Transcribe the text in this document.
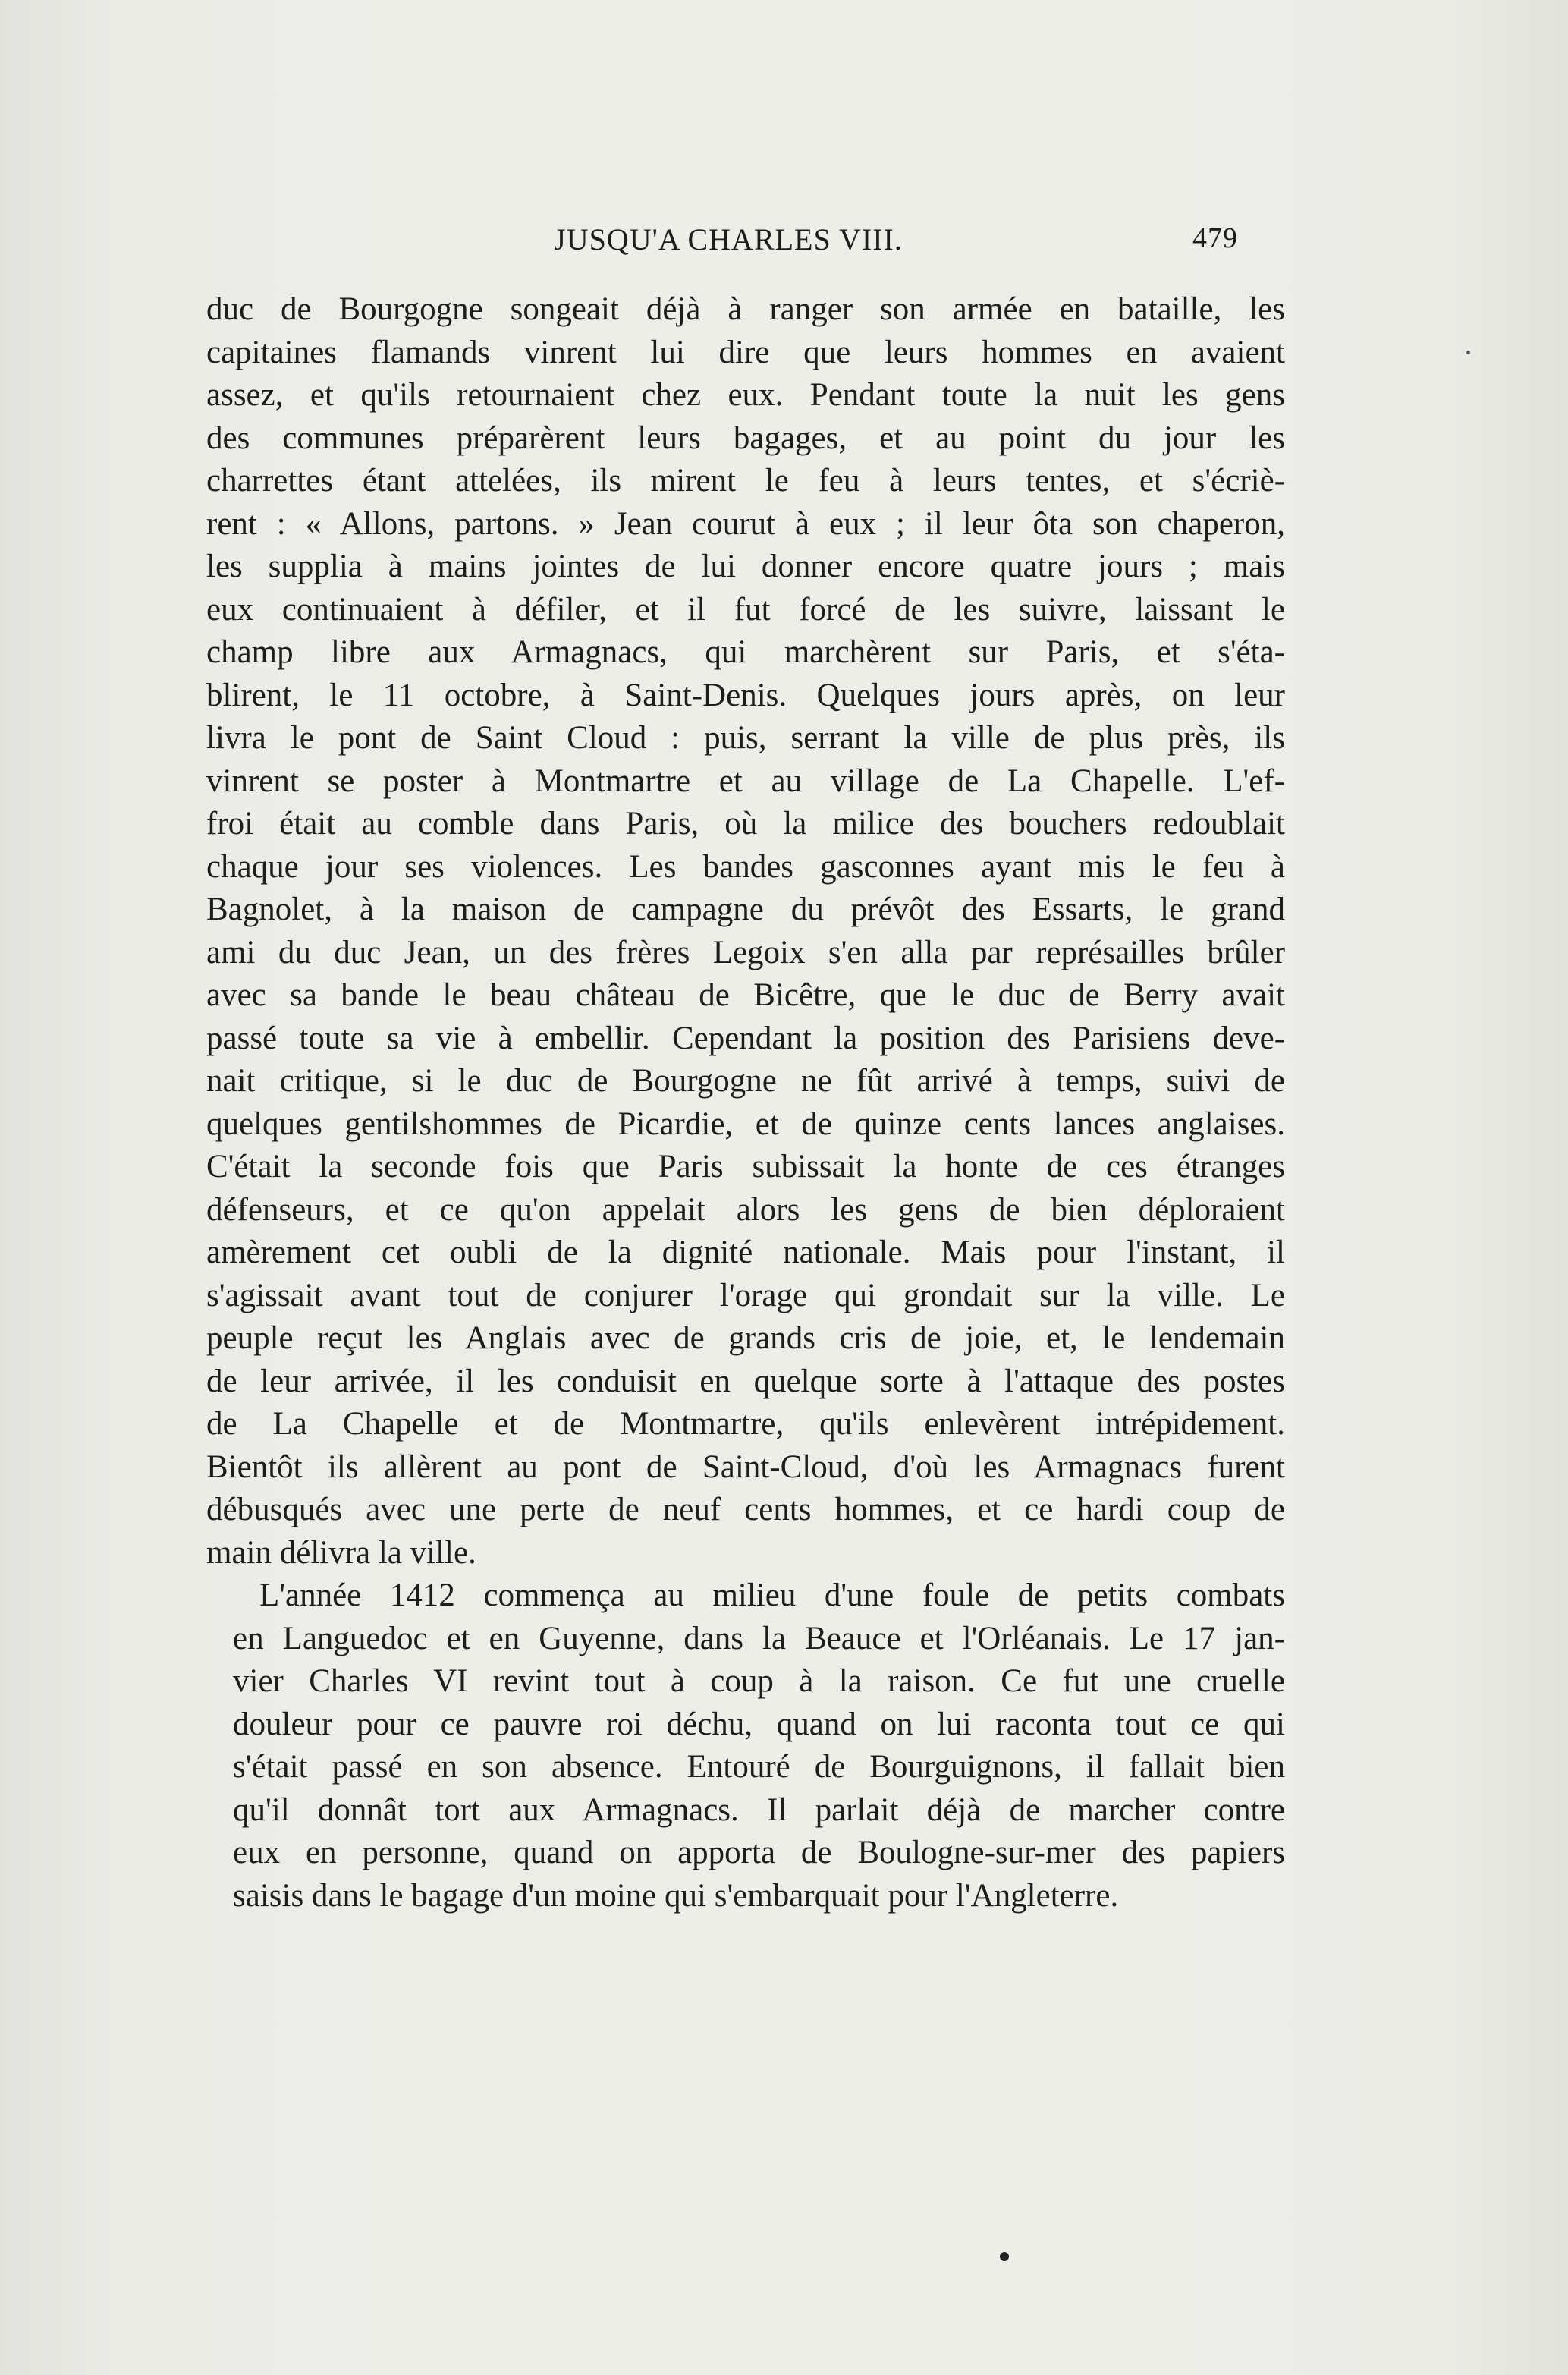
JUSQU'A CHARLES VIII.	479
duc de Bourgogne songeait déjà à ranger son armée en bataille, les
capitaines flamands vinrent lui dire que leurs hommes en avaient
assez, et qu'ils retournaient chez eux. Pendant toute la nuit les gens
des communes préparèrent leurs bagages, et au point du jour les
charrettes étant attelées, ils mirent le feu à leurs tentes, et s'écriè-
rent : « Allons, partons. » Jean courut à eux ; il leur ôta son chaperon,
les supplia à mains jointes de lui donner encore quatre jours ; mais
eux continuaient à défiler, et il fut forcé de les suivre, laissant le
champ libre aux Armagnacs, qui marchèrent sur Paris, et s'éta-
blirent, le 11 octobre, à Saint-Denis. Quelques jours après, on leur
livra le pont de Saint Cloud : puis, serrant la ville de plus près, ils
vinrent se poster à Montmartre et au village de La Chapelle. L'ef-
froi était au comble dans Paris, où la milice des bouchers redoublait
chaque jour ses violences. Les bandes gasconnes ayant mis le feu à
Bagnolet, à la maison de campagne du prévôt des Essarts, le grand
ami du duc Jean, un des frères Legoix s'en alla par représailles brûler
avec sa bande le beau château de Bicêtre, que le duc de Berry avait
passé toute sa vie à embellir. Cependant la position des Parisiens deve-
nait critique, si le duc de Bourgogne ne fût arrivé à temps, suivi de
quelques gentilshommes de Picardie, et de quinze cents lances anglaises.
C'était la seconde fois que Paris subissait la honte de ces étranges
défenseurs, et ce qu'on appelait alors les gens de bien déploraient
amèrement cet oubli de la dignité nationale. Mais pour l'instant, il
s'agissait avant tout de conjurer l'orage qui grondait sur la ville. Le
peuple reçut les Anglais avec de grands cris de joie, et, le lendemain
de leur arrivée, il les conduisit en quelque sorte à l'attaque des postes
de La Chapelle et de Montmartre, qu'ils enlevèrent intrépidement.
Bientôt ils allèrent au pont de Saint-Cloud, d'où les Armagnacs furent
débusqués avec une perte de neuf cents hommes, et ce hardi coup de
main délivra la ville.
L'année 1412 commença au milieu d'une foule de petits combats
en Languedoc et en Guyenne, dans la Beauce et l'Orléanais. Le 17 jan-
vier Charles VI revint tout à coup à la raison. Ce fut une cruelle
douleur pour ce pauvre roi déchu, quand on lui raconta tout ce qui
s'était passé en son absence. Entouré de Bourguignons, il fallait bien
qu'il donnât tort aux Armagnacs. Il parlait déjà de marcher contre
eux en personne, quand on apporta de Boulogne-sur-mer des papiers
saisis dans le bagage d'un moine qui s'embarquait pour l'Angleterre.
